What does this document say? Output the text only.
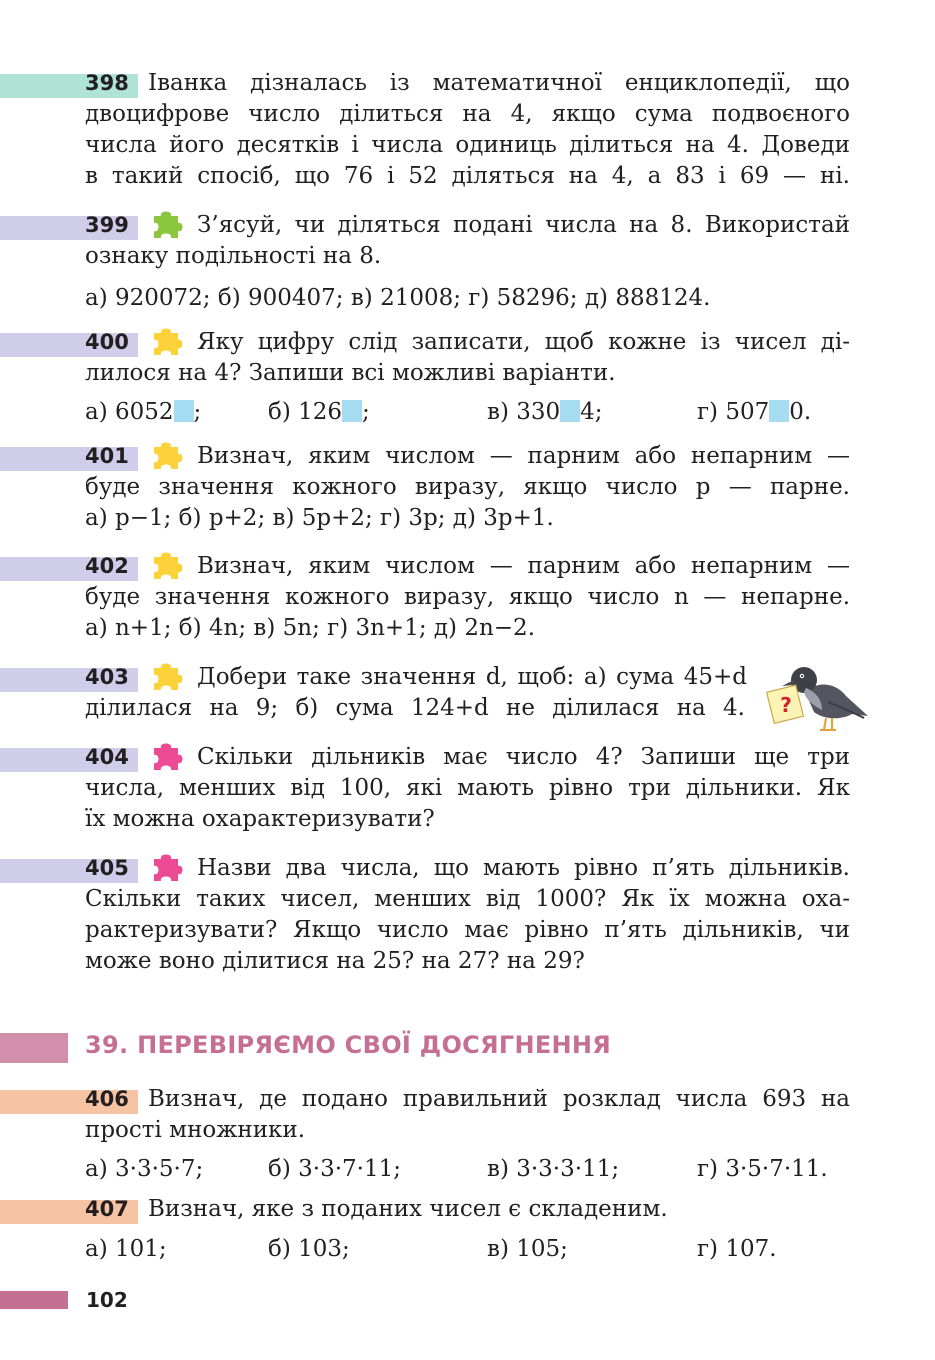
398 Іванка дізналась із математичної енциклопедії, що
двоцифрове число ділиться на 4, якщо сума подвоєного
числа його десятків і числа одиниць ділиться на 4. Доведи
в такий спосіб, що 76 і 52 діляться на 4, а 83 і 69 — ні.
399	З’ясуй, чи діляться подані числа на 8. Використай
ознаку подільності на 8.
а) 920072; б) 900407; в) 21008; г) 58296; д) 888124.
400	Яку цифру слід записати, щоб кожне із чисел ді-
лилося на 4? Запиши всі можливі варіанти.
а) 6052 ;	б) 126 ;	в) 330 4;	г) 507 0.
401	Визнач, яким числом — парним або непарним —
буде значення кожного виразу, якщо число p — парне.
а) p−1; б) p+2; в) 5p+2; г) 3p; д) 3p+1.
402	Визнач, яким числом — парним або непарним —
буде значення кожного виразу, якщо число n — непарне.
а) n+1; б) 4n; в) 5n; г) 3n+1; д) 2n−2.
403	Добери таке значення d, щоб: а) сума 45+d
ділилася на 9; б) сума 124+d не ділилася на 4. ?
404	Скільки дільників має число 4? Запиши ще три
числа, менших від 100, які мають рівно три дільники. Як
їх можна охарактеризувати?
405	Назви два числа, що мають рівно п’ять дільників.
Скільки таких чисел, менших від 1000? Як їх можна оха-
рактеризувати? Якщо число має рівно п’ять дільників, чи
може воно ділитися на 25? на 27? на 29?
39. ПЕРЕВІРЯЄМО СВОЇ ДОСЯГНЕННЯ
406 Визнач, де подано правильний розклад числа 693 на
прості множники.
а) 3·3·5·7;	б) 3·3·7·11;	в) 3·3·3·11;	г) 3·5·7·11.
407 Визнач, яке з поданих чисел є складеним.
а) 101;	б) 103;	в) 105;	г) 107.
102
